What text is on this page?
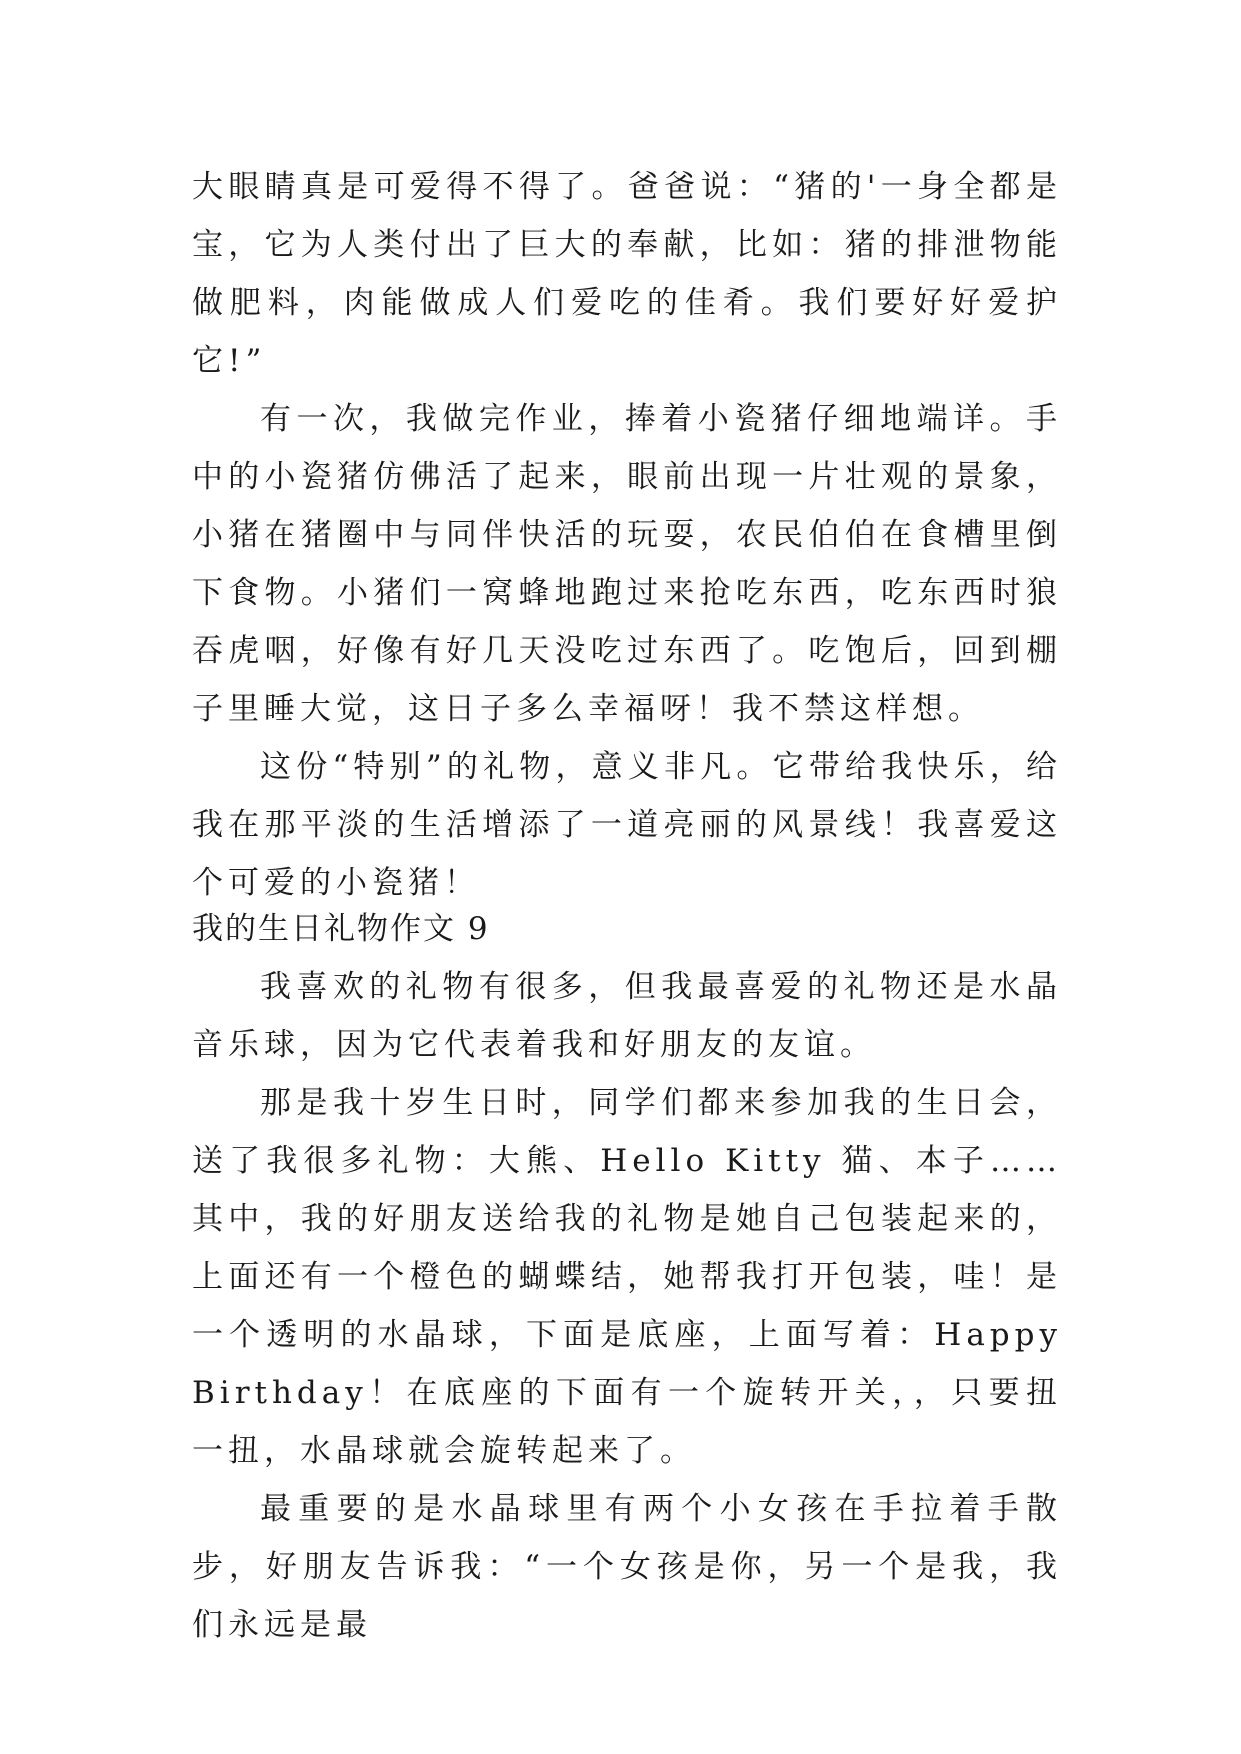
大眼睛真是可爱得不得了。爸爸说：“猪的'一身全都是宝，它为人类付出了巨大的奉献，比如：猪的排泄物能做肥料，肉能做成人们爱吃的佳肴。我们要好好爱护它!”

有一次，我做完作业，捧着小瓷猪仔细地端详。手中的小瓷猪仿佛活了起来，眼前出现一片壮观的景象，小猪在猪圈中与同伴快活的玩耍，农民伯伯在食槽里倒下食物。小猪们一窝蜂地跑过来抢吃东西，吃东西时狼吞虎咽，好像有好几天没吃过东西了。吃饱后，回到棚子里睡大觉，这日子多么幸福呀！我不禁这样想。

这份“特别”的礼物，意义非凡。它带给我快乐，给我在那平淡的生活增添了一道亮丽的风景线！我喜爱这个可爱的小瓷猪！

我的生日礼物作文 9

我喜欢的礼物有很多，但我最喜爱的礼物还是水晶音乐球，因为它代表着我和好朋友的友谊。

那是我十岁生日时，同学们都来参加我的生日会，送了我很多礼物：大熊、Hello Kitty 猫、本子……其中，我的好朋友送给我的礼物是她自己包装起来的，上面还有一个橙色的蝴蝶结，她帮我打开包装，哇！是一个透明的水晶球，下面是底座，上面写着：Happy Birthday！在底座的下面有一个旋转开关，，只要扭一扭，水晶球就会旋转起来了。

最重要的是水晶球里有两个小女孩在手拉着手散步，好朋友告诉我：“一个女孩是你，另一个是我，我们永远是最
